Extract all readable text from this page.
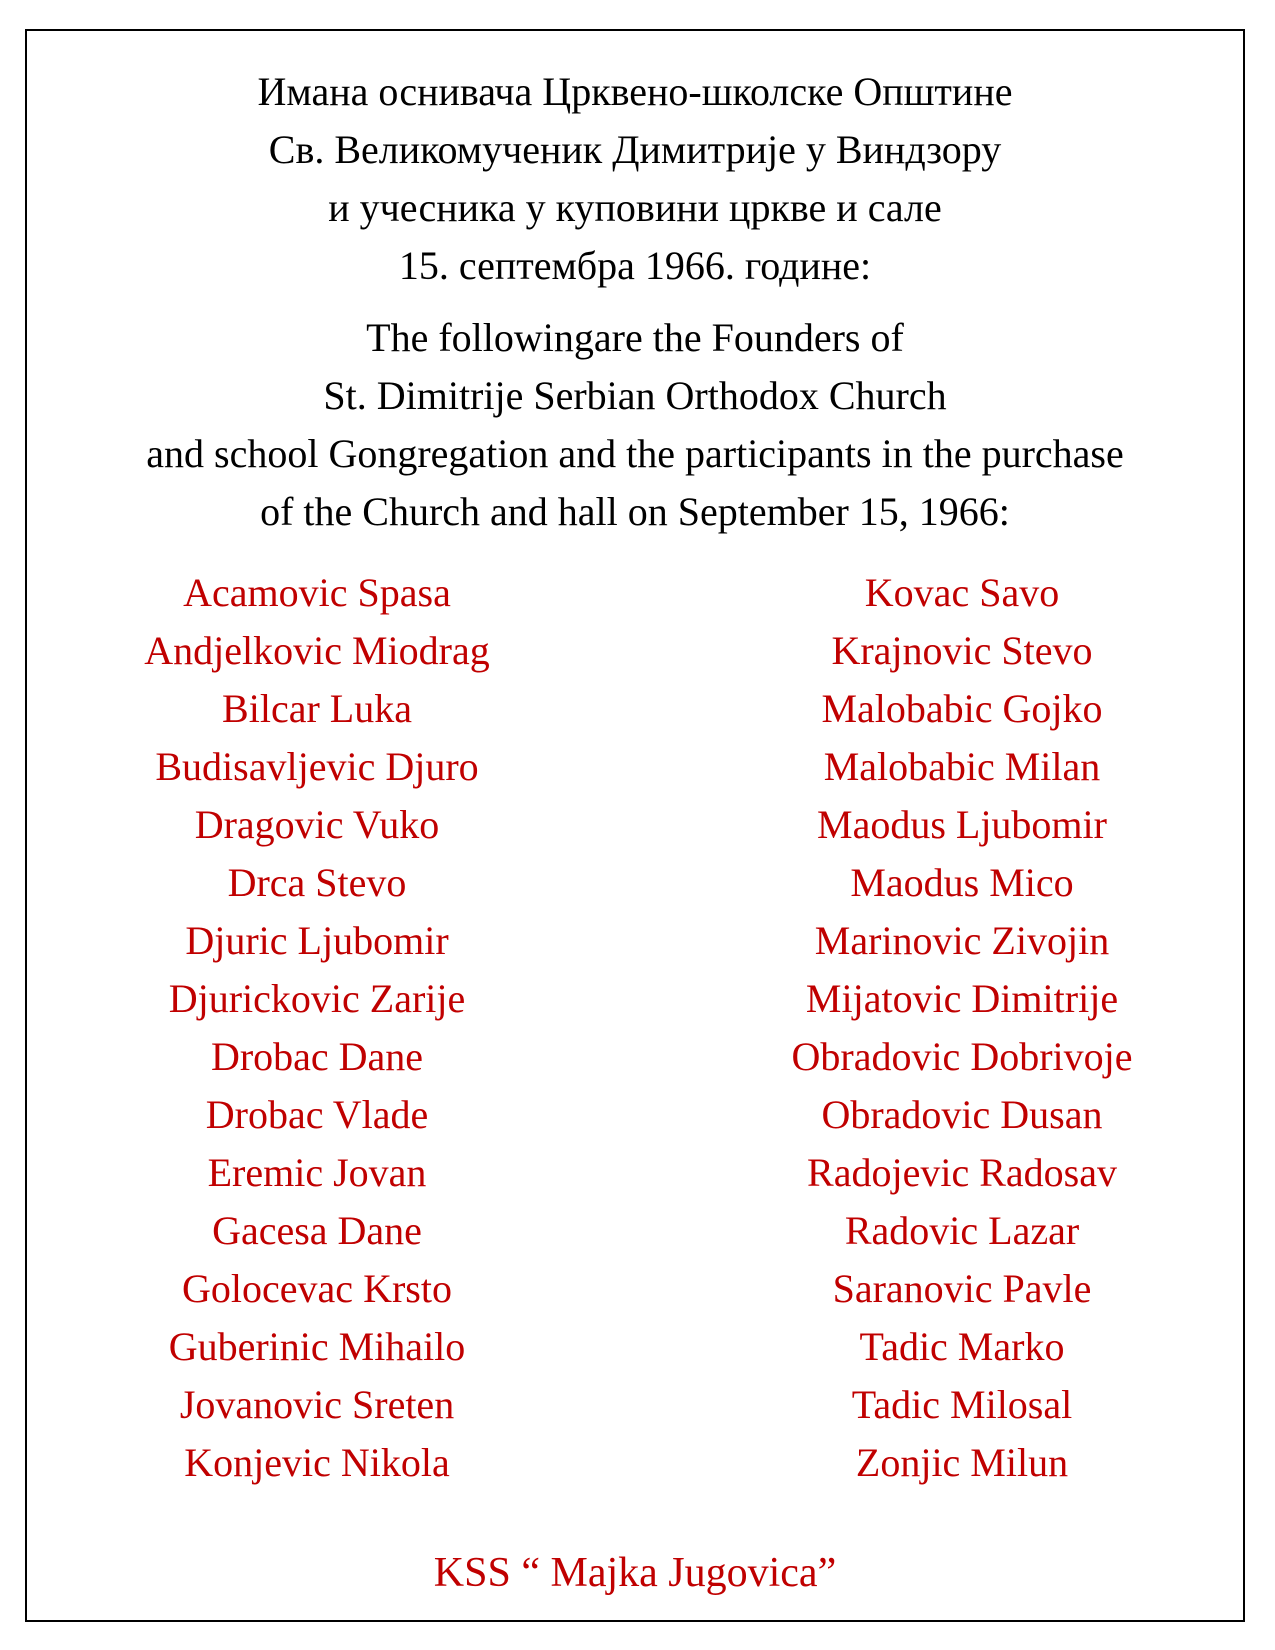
Имана оснивача Црквено-школске Општине
Св. Великомученик Димитрије у Виндзору
и учесника у куповини цркве и сале
15. септембра 1966. године:
The followingare the Founders of
St. Dimitrije Serbian Orthodox Church
and school Gongregation and the participants in the purchase
of the Church and hall on September 15, 1966:
Acamovic Spasa
Andjelkovic Miodrag
Bilcar Luka
Budisavljevic Djuro
Dragovic Vuko
Drca Stevo
Djuric Ljubomir
Djurickovic Zarije
Drobac Dane
Drobac Vlade
Eremic Jovan
Gacesa Dane
Golocevac Krsto
Guberinic Mihailo
Jovanovic Sreten
Konjevic Nikola
Kovac Savo
Krajnovic Stevo
Malobabic Gojko
Malobabic Milan
Maodus Ljubomir
Maodus Mico
Marinovic Zivojin
Mijatovic Dimitrije
Obradovic Dobrivoje
Obradovic Dusan
Radojevic Radosav
Radovic Lazar
Saranovic Pavle
Tadic Marko
Tadic Milosal
Zonjic Milun
KSS “ Majka Jugovica”
